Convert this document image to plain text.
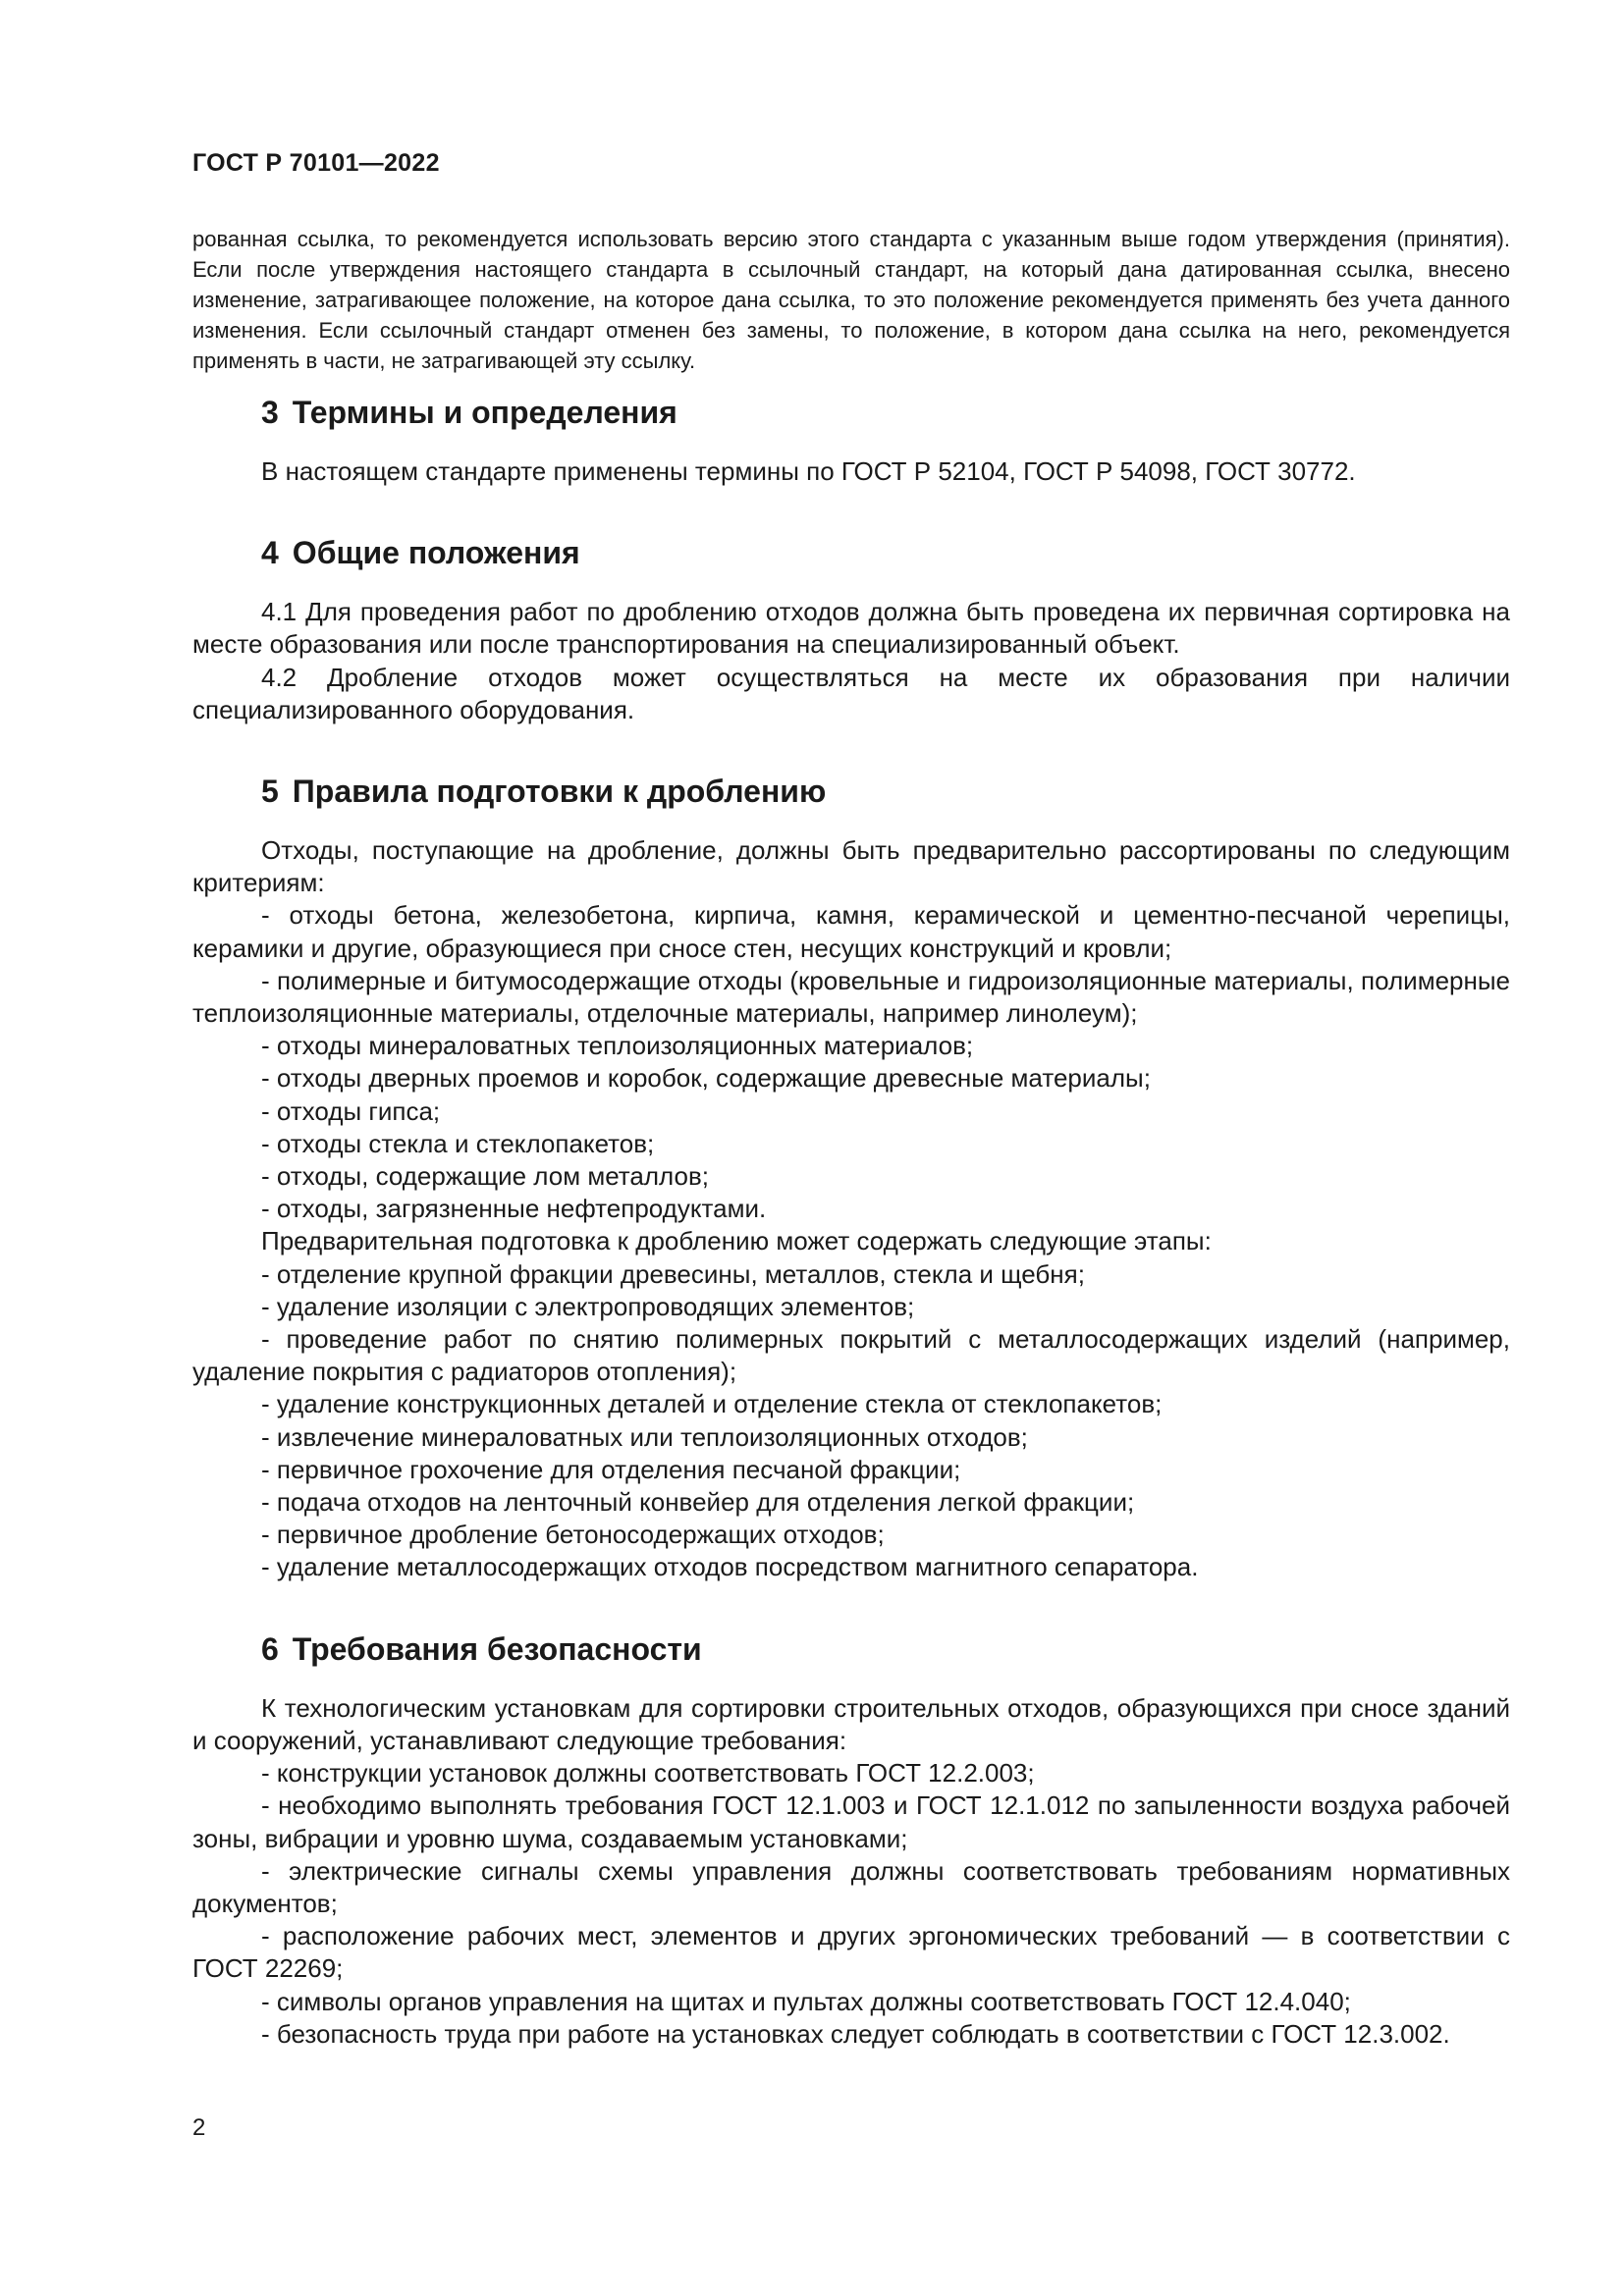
ГОСТ Р 70101—2022

рованная ссылка, то рекомендуется использовать версию этого стандарта с указанным выше годом утверждения (принятия). Если после утверждения настоящего стандарта в ссылочный стандарт, на который дана датированная ссылка, внесено изменение, затрагивающее положение, на которое дана ссылка, то это положение рекомендуется применять без учета данного изменения. Если ссылочный стандарт отменен без замены, то положение, в котором дана ссылка на него, рекомендуется применять в части, не затрагивающей эту ссылку.

3 Термины и определения

В настоящем стандарте применены термины по ГОСТ Р 52104, ГОСТ Р 54098, ГОСТ 30772.

4 Общие положения

4.1 Для проведения работ по дроблению отходов должна быть проведена их первичная сортировка на месте образования или после транспортирования на специализированный объект.

4.2 Дробление отходов может осуществляться на месте их образования при наличии специализированного оборудования.

5 Правила подготовки к дроблению

Отходы, поступающие на дробление, должны быть предварительно рассортированы по следующим критериям:

- отходы бетона, железобетона, кирпича, камня, керамической и цементно-песчаной черепицы, керамики и другие, образующиеся при сносе стен, несущих конструкций и кровли;

- полимерные и битумосодержащие отходы (кровельные и гидроизоляционные материалы, полимерные теплоизоляционные материалы, отделочные материалы, например линолеум);

- отходы минераловатных теплоизоляционных материалов;

- отходы дверных проемов и коробок, содержащие древесные материалы;

- отходы гипса;

- отходы стекла и стеклопакетов;

- отходы, содержащие лом металлов;

- отходы, загрязненные нефтепродуктами.

Предварительная подготовка к дроблению может содержать следующие этапы:

- отделение крупной фракции древесины, металлов, стекла и щебня;

- удаление изоляции с электропроводящих элементов;

- проведение работ по снятию полимерных покрытий с металлосодержащих изделий (например, удаление покрытия с радиаторов отопления);

- удаление конструкционных деталей и отделение стекла от стеклопакетов;

- извлечение минераловатных или теплоизоляционных отходов;

- первичное грохочение для отделения песчаной фракции;

- подача отходов на ленточный конвейер для отделения легкой фракции;

- первичное дробление бетоносодержащих отходов;

- удаление металлосодержащих отходов посредством магнитного сепаратора.

6 Требования безопасности

К технологическим установкам для сортировки строительных отходов, образующихся при сносе зданий и сооружений, устанавливают следующие требования:

- конструкции установок должны соответствовать ГОСТ 12.2.003;

- необходимо выполнять требования ГОСТ 12.1.003 и ГОСТ 12.1.012 по запыленности воздуха рабочей зоны, вибрации и уровню шума, создаваемым установками;

- электрические сигналы схемы управления должны соответствовать требованиям нормативных документов;

- расположение рабочих мест, элементов и других эргономических требований — в соответствии с ГОСТ 22269;

- символы органов управления на щитах и пультах должны соответствовать ГОСТ 12.4.040;

- безопасность труда при работе на установках следует соблюдать в соответствии с ГОСТ 12.3.002.

2
